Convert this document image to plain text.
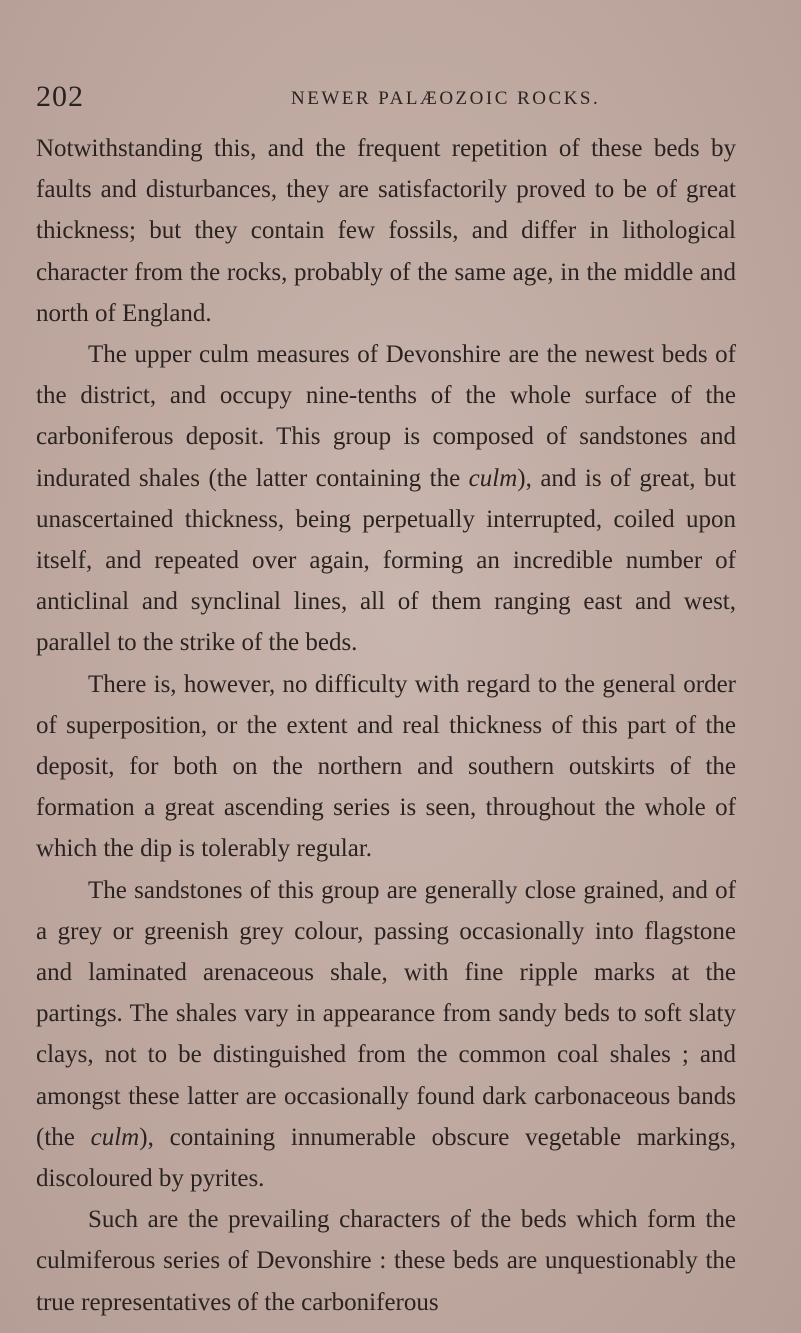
202	NEWER PALÆOZOIC ROCKS.

Notwithstanding this, and the frequent repetition of these beds by faults and disturbances, they are satisfactorily proved to be of great thickness; but they contain few fossils, and differ in lithological character from the rocks, probably of the same age, in the middle and north of England.

The upper culm measures of Devonshire are the newest beds of the district, and occupy nine-tenths of the whole surface of the carboniferous deposit. This group is composed of sandstones and indurated shales (the latter containing the culm), and is of great, but unascertained thickness, being perpetually interrupted, coiled upon itself, and repeated over again, forming an incredible number of anticlinal and synclinal lines, all of them ranging east and west, parallel to the strike of the beds.

There is, however, no difficulty with regard to the general order of superposition, or the extent and real thickness of this part of the deposit, for both on the northern and southern outskirts of the formation a great ascending series is seen, throughout the whole of which the dip is tolerably regular.

The sandstones of this group are generally close grained, and of a grey or greenish grey colour, passing occasionally into flagstone and laminated arenaceous shale, with fine ripple marks at the partings. The shales vary in appearance from sandy beds to soft slaty clays, not to be distinguished from the common coal shales ; and amongst these latter are occasionally found dark carbonaceous bands (the culm), containing innumerable obscure vegetable markings, discoloured by pyrites.

Such are the prevailing characters of the beds which form the culmiferous series of Devonshire : these beds are unquestionably the true representatives of the carboniferous
